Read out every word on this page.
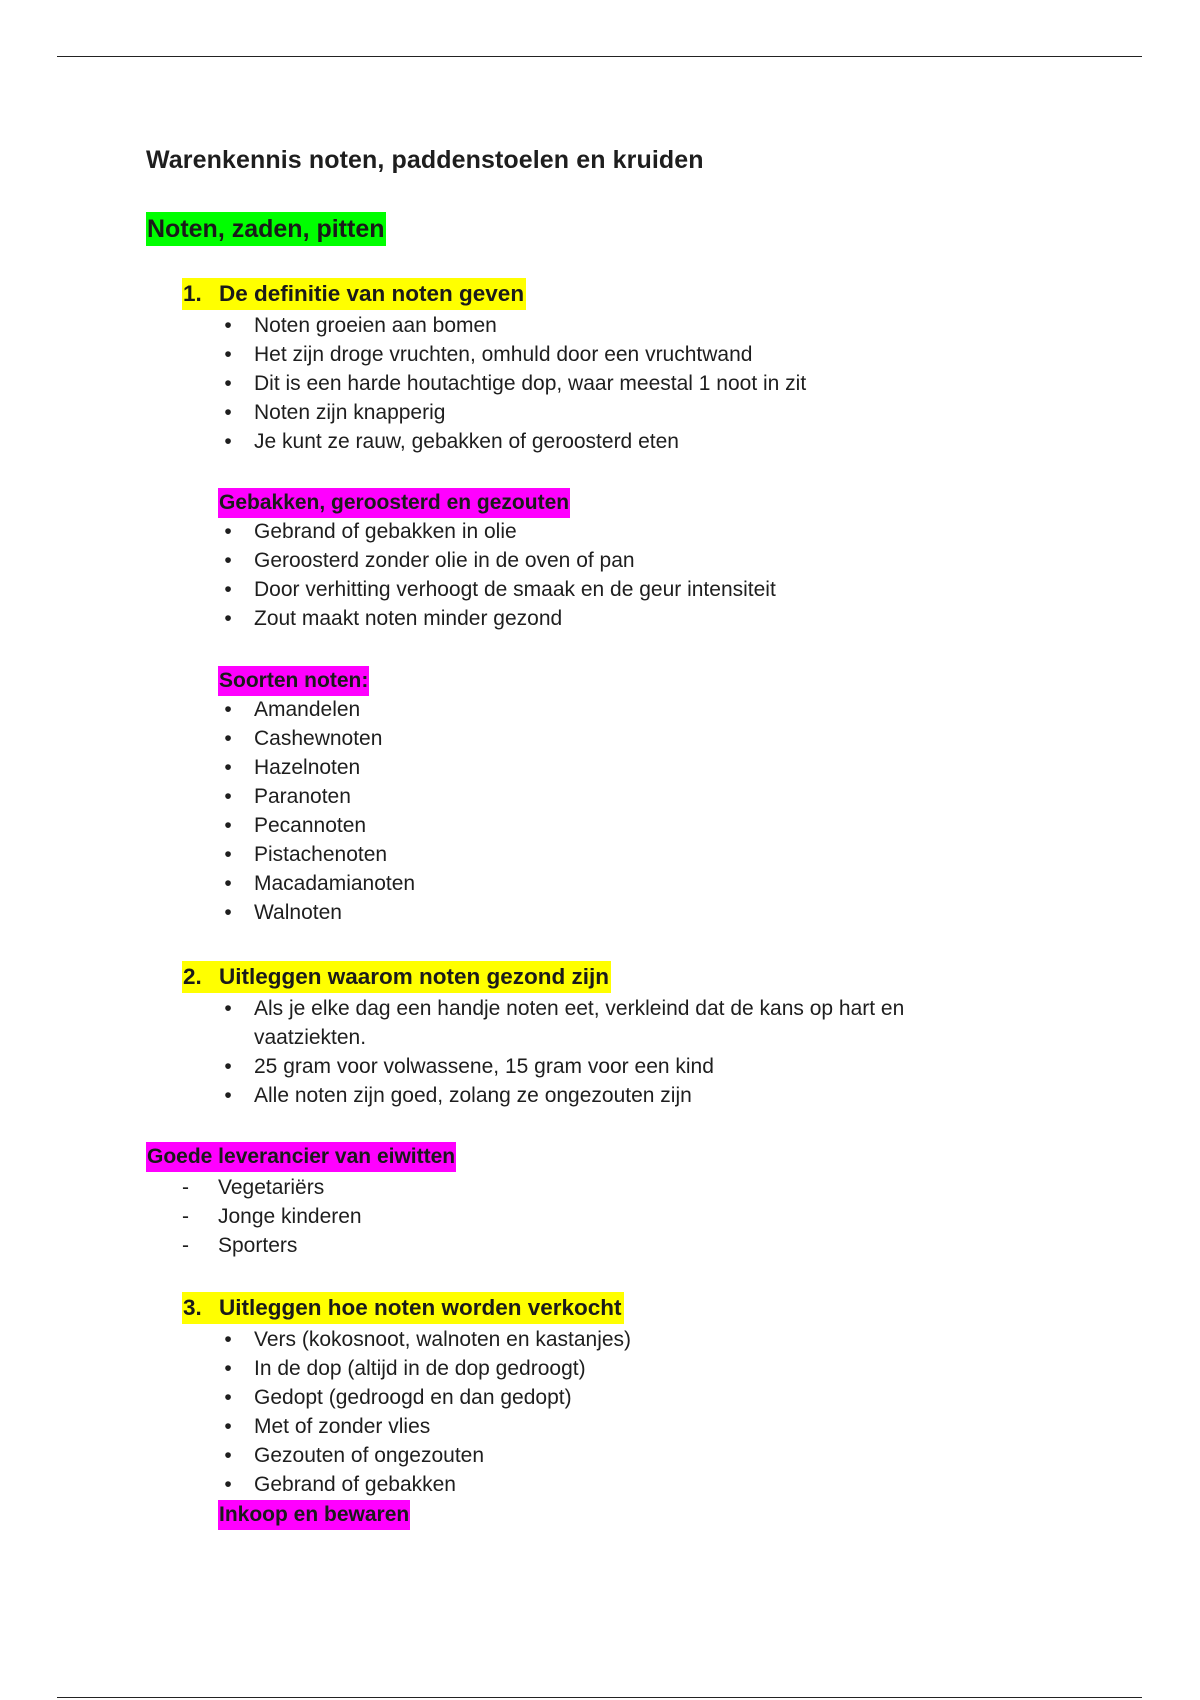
Warenkennis noten, paddenstoelen en kruiden
Noten, zaden, pitten
1. De definitie van noten geven
•	Noten groeien aan bomen
•	Het zijn droge vruchten, omhuld door een vruchtwand
•	Dit is een harde houtachtige dop, waar meestal 1 noot in zit
•	Noten zijn knapperig
•	Je kunt ze rauw, gebakken of geroosterd eten
Gebakken, geroosterd en gezouten
•	Gebrand of gebakken in olie
•	Geroosterd zonder olie in de oven of pan
•	Door verhitting verhoogt de smaak en de geur intensiteit
•	Zout maakt noten minder gezond
Soorten noten:
•	Amandelen
•	Cashewnoten
•	Hazelnoten
•	Paranoten
•	Pecannoten
•	Pistachenoten
•	Macadamianoten
•	Walnoten
2. Uitleggen waarom noten gezond zijn
•	Als je elke dag een handje noten eet, verkleind dat de kans op hart en vaatziekten.
•	25 gram voor volwassene, 15 gram voor een kind
•	Alle noten zijn goed, zolang ze ongezouten zijn
Goede leverancier van eiwitten
- Vegetariërs
- Jonge kinderen
- Sporters
3. Uitleggen hoe noten worden verkocht
•	Vers (kokosnoot, walnoten en kastanjes)
•	In de dop (altijd in de dop gedroogt)
•	Gedopt (gedroogd en dan gedopt)
•	Met of zonder vlies
•	Gezouten of ongezouten
•	Gebrand of gebakken
Inkoop en bewaren
